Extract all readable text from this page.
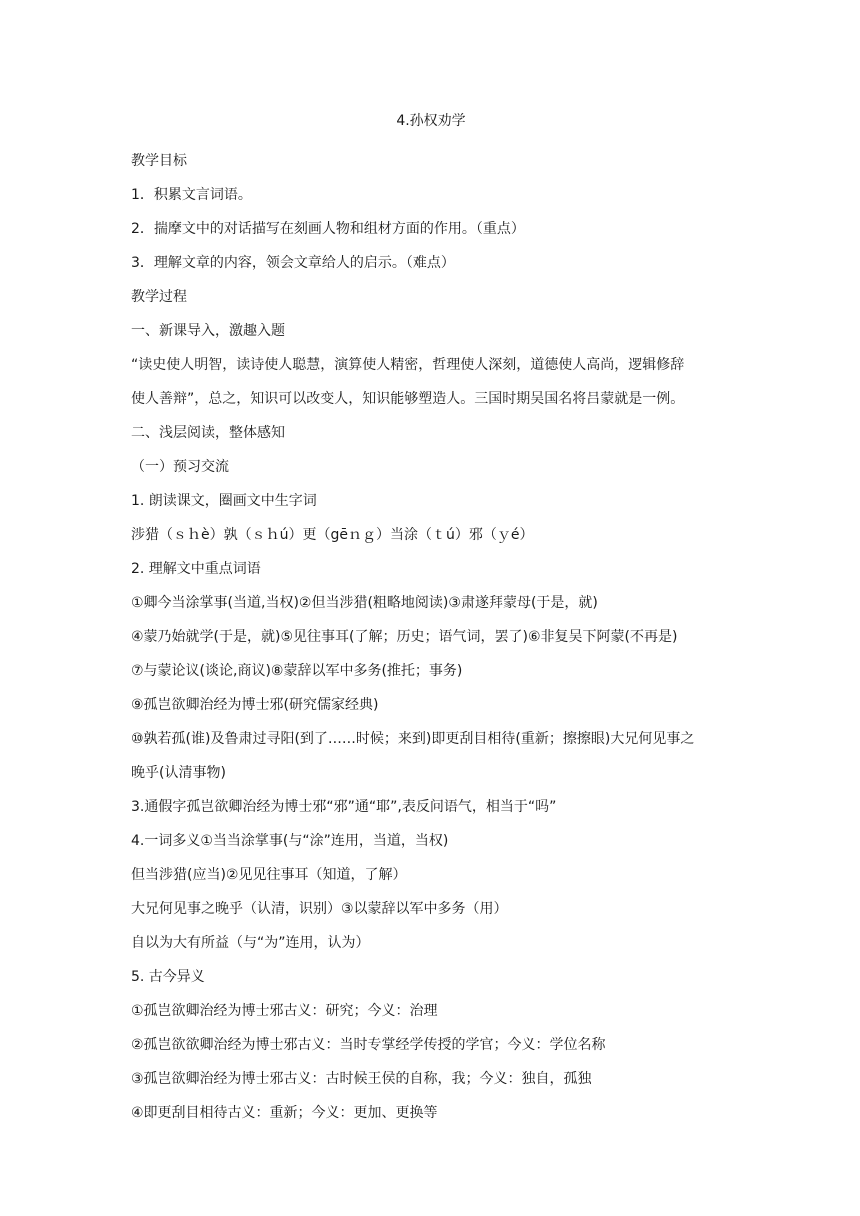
4.孙权劝学
教学目标
1．积累文言词语。
2．揣摩文中的对话描写在刻画人物和组材方面的作用。（重点）
3．理解文章的内容，领会文章给人的启示。（难点）
教学过程
一、新课导入，激趣入题
“读史使人明智，读诗使人聪慧，演算使人精密，哲理使人深刻，道德使人高尚，逻辑修辞
使人善辩”，总之，知识可以改变人，知识能够塑造人。三国时期吴国名将吕蒙就是一例。
二、浅层阅读，整体感知
（一）预习交流
1. 朗读课文，圈画文中生字词
涉猎（ｓｈè）孰（ｓｈú）更（gēｎｇ）当涂（ｔú）邪（ｙé）
2. 理解文中重点词语
①卿今当涂掌事(当道,当权)②但当涉猎(粗略地阅读)③肃遂拜蒙母(于是，就)
④蒙乃始就学(于是，就)⑤见往事耳(了解；历史；语气词，罢了)⑥非复吴下阿蒙(不再是)
⑦与蒙论议(谈论,商议)⑧蒙辞以军中多务(推托；事务)
⑨孤岂欲卿治经为博士邪(研究儒家经典)
⑩孰若孤(谁)及鲁肃过寻阳(到了……时候；来到)即更刮目相待(重新；擦擦眼)大兄何见事之
晚乎(认清事物)
3.通假字孤岂欲卿治经为博士邪“邪”通“耶”,表反问语气，相当于“吗”
4.一词多义①当当涂掌事(与“涂”连用，当道，当权)
但当涉猎(应当)②见见往事耳（知道，了解）
大兄何见事之晚乎（认清，识别）③以蒙辞以军中多务（用）
自以为大有所益（与“为”连用，认为）
5. 古今异义
①孤岂欲卿治经为博士邪古义：研究；今义：治理
②孤岂欲欲卿治经为博士邪古义：当时专掌经学传授的学官；今义：学位名称
③孤岂欲卿治经为博士邪古义：古时候王侯的自称，我；今义：独自，孤独
④即更刮目相待古义：重新；今义：更加、更换等
